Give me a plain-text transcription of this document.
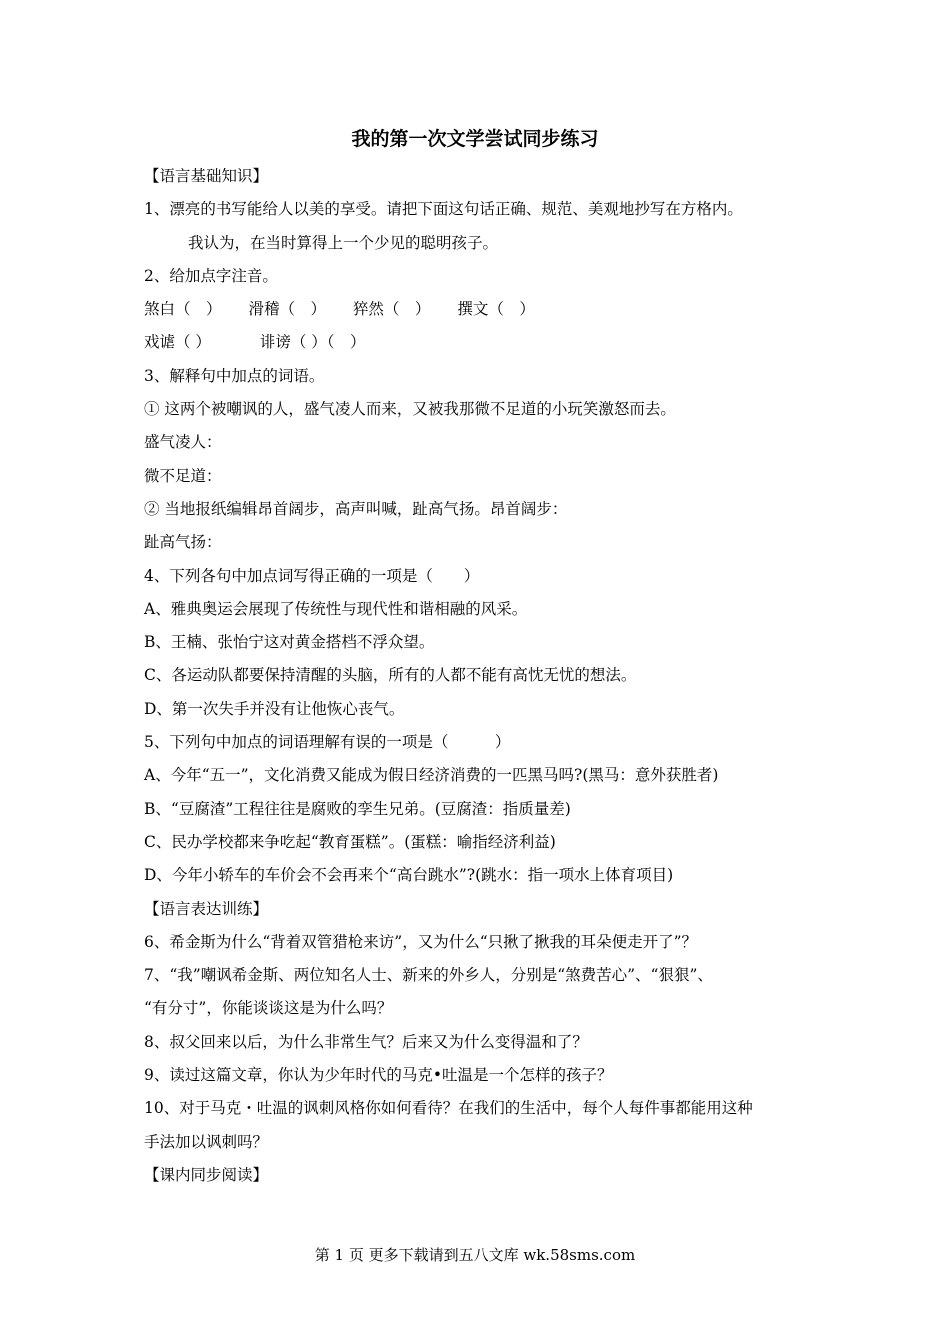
我的第一次文学尝试同步练习

【语言基础知识】

1、漂亮的书写能给人以美的享受。请把下面这句话正确、规范、美观地抄写在方格内。

我认为，在当时算得上一个少见的聪明孩子。

2、给加点字注音。

煞白（　） 滑稽（　） 猝然（　） 撰文（　）

戏谑（ ）	诽谤（ ）（　）

3、解释句中加点的词语。

① 这两个被嘲讽的人，盛气凌人而来，又被我那微不足道的小玩笑激怒而去。

盛气凌人：

微不足道：

② 当地报纸编辑昂首阔步，高声叫喊，趾高气扬。昂首阔步：

趾高气扬：

4、下列各句中加点词写得正确的一项是（　　）

A、雅典奥运会展现了传统性与现代性和谐相融的风采。

B、王楠、张怡宁这对黄金搭档不浮众望。

C、各运动队都要保持清醒的头脑，所有的人都不能有高忱无忧的想法。

D、第一次失手并没有让他恢心丧气。

5、下列句中加点的词语理解有误的一项是（　　　）

A、今年“五一”，文化消费又能成为假日经济消费的一匹黑马吗?(黑马：意外获胜者)

B、“豆腐渣”工程往往是腐败的孪生兄弟。(豆腐渣：指质量差)

C、民办学校都来争吃起“教育蛋糕”。(蛋糕：喻指经济利益)

D、今年小轿车的车价会不会再来个“高台跳水”?(跳水：指一项水上体育项目)

【语言表达训练】

6、希金斯为什么“背着双管猎枪来访”，又为什么“只揪了揪我的耳朵便走开了”？

7、“我”嘲讽希金斯、两位知名人士、新来的外乡人，分别是“煞费苦心”、“狠狠”、

“有分寸”，你能谈谈这是为什么吗？

8、叔父回来以后，为什么非常生气？后来又为什么变得温和了？

9、读过这篇文章，你认为少年时代的马克•吐温是一个怎样的孩子？

10、对于马克・吐温的讽刺风格你如何看待？在我们的生活中，每个人每件事都能用这种

手法加以讽刺吗？

【课内同步阅读】

第 1 页 更多下载请到五八文库 wk.58sms.com
